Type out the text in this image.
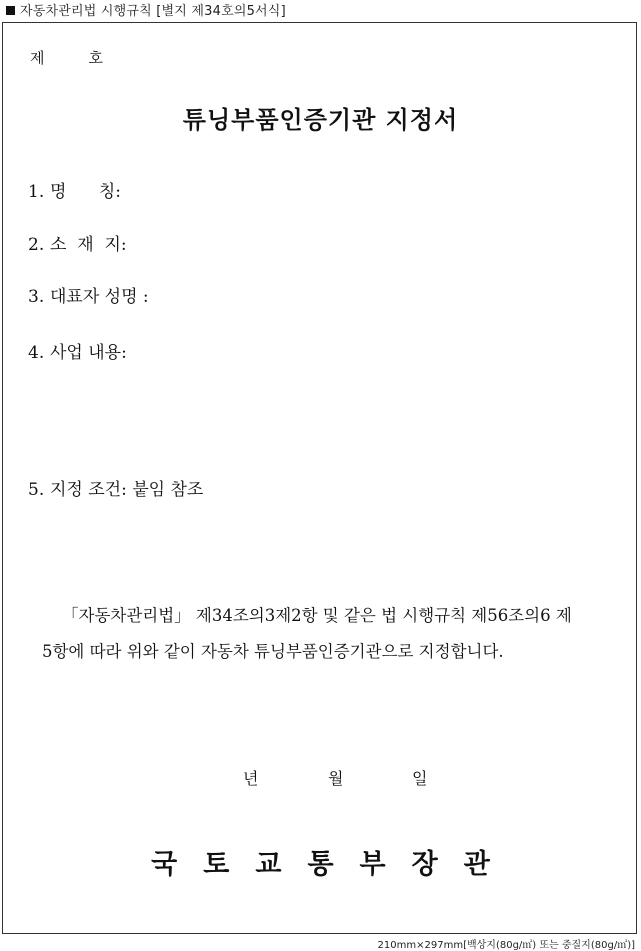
자동차관리법 시행규칙 [별지 제34호의5서식]
제	호
튜닝부품인증기관 지정서
1. 명      칭:
2. 소  재  지:
3. 대표자 성명 :
4. 사업 내용:
5. 지정 조건: 붙임 참조
「자동차관리법」 제34조의3제2항 및 같은 법 시행규칙 제56조의6 제
5항에 따라 위와 같이 자동차 튜닝부품인증기관으로 지정합니다.
년	월	일
국 토 교 통 부 장 관
210mm×297mm[백상지(80g/㎡) 또는 중질지(80g/㎡)]
